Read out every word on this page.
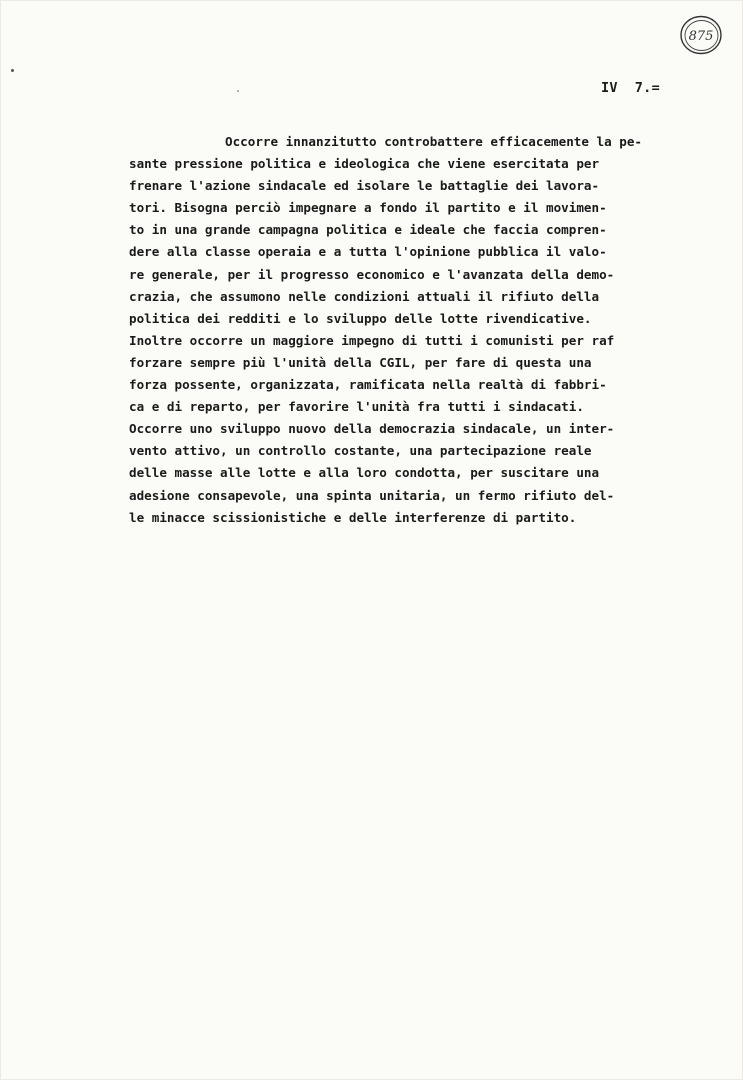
875
IV  7.=
Occorre innanzitutto controbattere efficacemente la pe-
sante pressione politica e ideologica che viene esercitata per
frenare l'azione sindacale ed isolare le battaglie dei lavora-
tori. Bisogna perciò impegnare a fondo il partito e il movimen-
to in una grande campagna politica e ideale che faccia compren-
dere alla classe operaia e a tutta l'opinione pubblica il valo-
re generale, per il progresso economico e l'avanzata della demo-
crazia, che assumono nelle condizioni attuali il rifiuto della
politica dei redditi e lo sviluppo delle lotte rivendicative.
Inoltre occorre un maggiore impegno di tutti i comunisti per raf
forzare sempre più l'unità della CGIL, per fare di questa una
forza possente, organizzata, ramificata nella realtà di fabbri-
ca e di reparto, per favorire l'unità fra tutti i sindacati.
Occorre uno sviluppo nuovo della democrazia sindacale, un inter-
vento attivo, un controllo costante, una partecipazione reale
delle masse alle lotte e alla loro condotta, per suscitare una
adesione consapevole, una spinta unitaria, un fermo rifiuto del-
le minacce scissionistiche e delle interferenze di partito.
